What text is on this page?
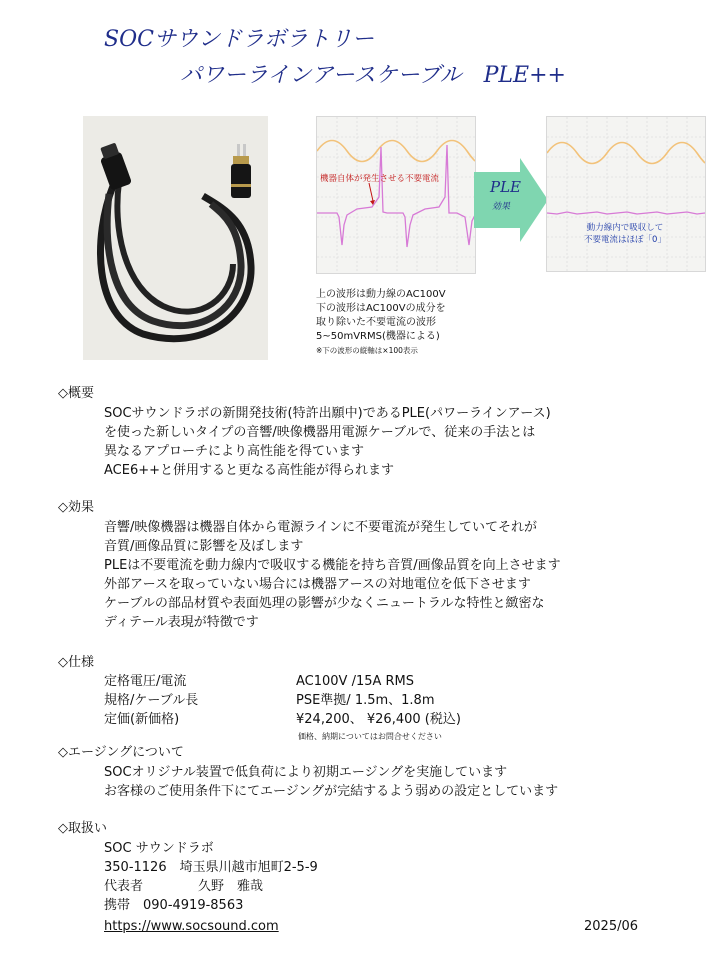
SOCサウンドラボラトリー
パワーラインアースケーブル　PLE++
機器自体が発生させる不要電流	PLE
効果
動力線内で吸収して
不要電流はほぼ「0」
上の波形は動力線のAC100V
下の波形はAC100Vの成分を
取り除いた不要電流の波形
5~50mVRMS(機器による)
※下の波形の縦軸は×100表示
◇概要
SOCサウンドラボの新開発技術(特許出願中)であるPLE(パワーラインアース)
を使った新しいタイプの音響/映像機器用電源ケーブルで、従来の手法とは
異なるアプローチにより高性能を得ています
ACE6++と併用すると更なる高性能が得られます
◇効果
音響/映像機器は機器自体から電源ラインに不要電流が発生していてそれが
音質/画像品質に影響を及ぼします
PLEは不要電流を動力線内で吸収する機能を持ち音質/画像品質を向上させます
外部アースを取っていない場合には機器アースの対地電位を低下させます
ケーブルの部品材質や表面処理の影響が少なくニュートラルな特性と緻密な
ディテール表現が特徴です
◇仕様
定格電圧/電流	AC100V /15A RMS
規格/ケーブル長	PSE準拠/ 1.5m、1.8m
定価(新価格)	¥24,200、 ¥26,400 (税込)
価格、納期についてはお問合せください
◇エージングについて
SOCオリジナル装置で低負荷により初期エージングを実施しています
お客様のご使用条件下にてエージングが完結するよう弱めの設定としています
◇取扱い
SOC サウンドラボ
350-1126　埼玉県川越市旭町2-5-9
代表者	久野　雅哉
携帯　090-4919-8563
https://www.socsound.com	2025/06
